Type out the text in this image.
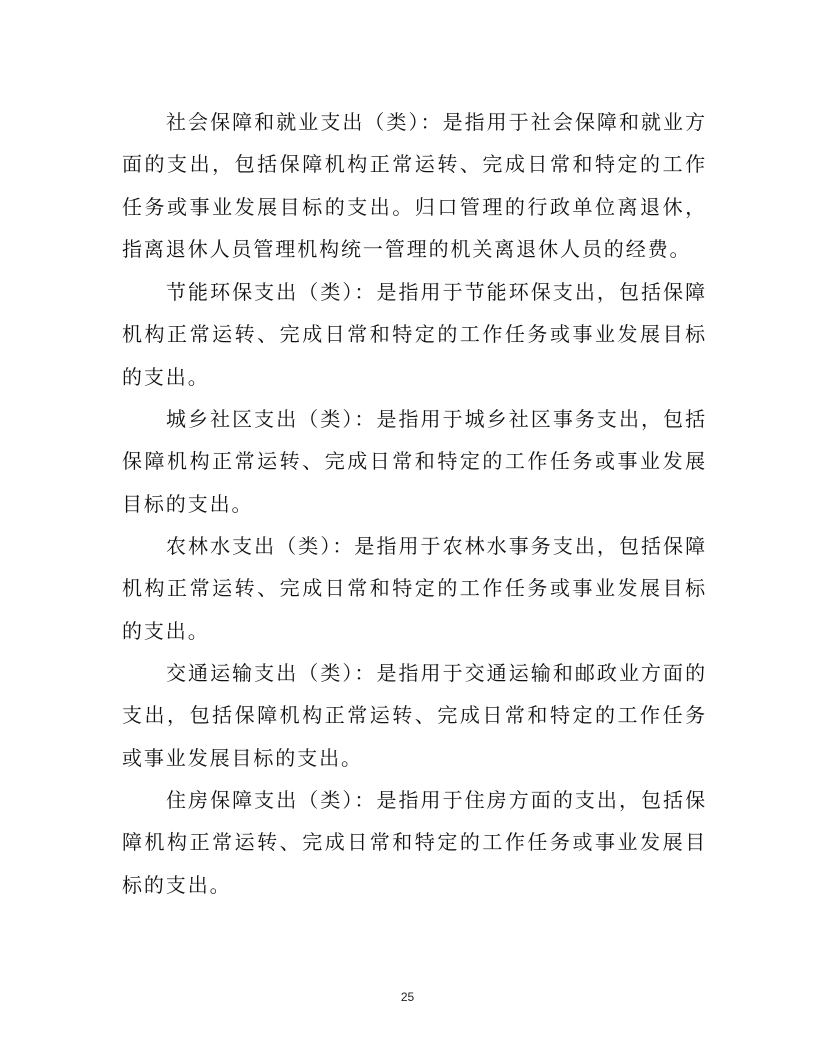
社会保障和就业支出（类）：是指用于社会保障和就业方面的支出，包括保障机构正常运转、完成日常和特定的工作任务或事业发展目标的支出。归口管理的行政单位离退休，指离退休人员管理机构统一管理的机关离退休人员的经费。

节能环保支出（类）：是指用于节能环保支出，包括保障机构正常运转、完成日常和特定的工作任务或事业发展目标的支出。

城乡社区支出（类）：是指用于城乡社区事务支出，包括保障机构正常运转、完成日常和特定的工作任务或事业发展目标的支出。

农林水支出（类）：是指用于农林水事务支出，包括保障机构正常运转、完成日常和特定的工作任务或事业发展目标的支出。

交通运输支出（类）：是指用于交通运输和邮政业方面的支出，包括保障机构正常运转、完成日常和特定的工作任务或事业发展目标的支出。

住房保障支出（类）：是指用于住房方面的支出，包括保障机构正常运转、完成日常和特定的工作任务或事业发展目标的支出。

25
